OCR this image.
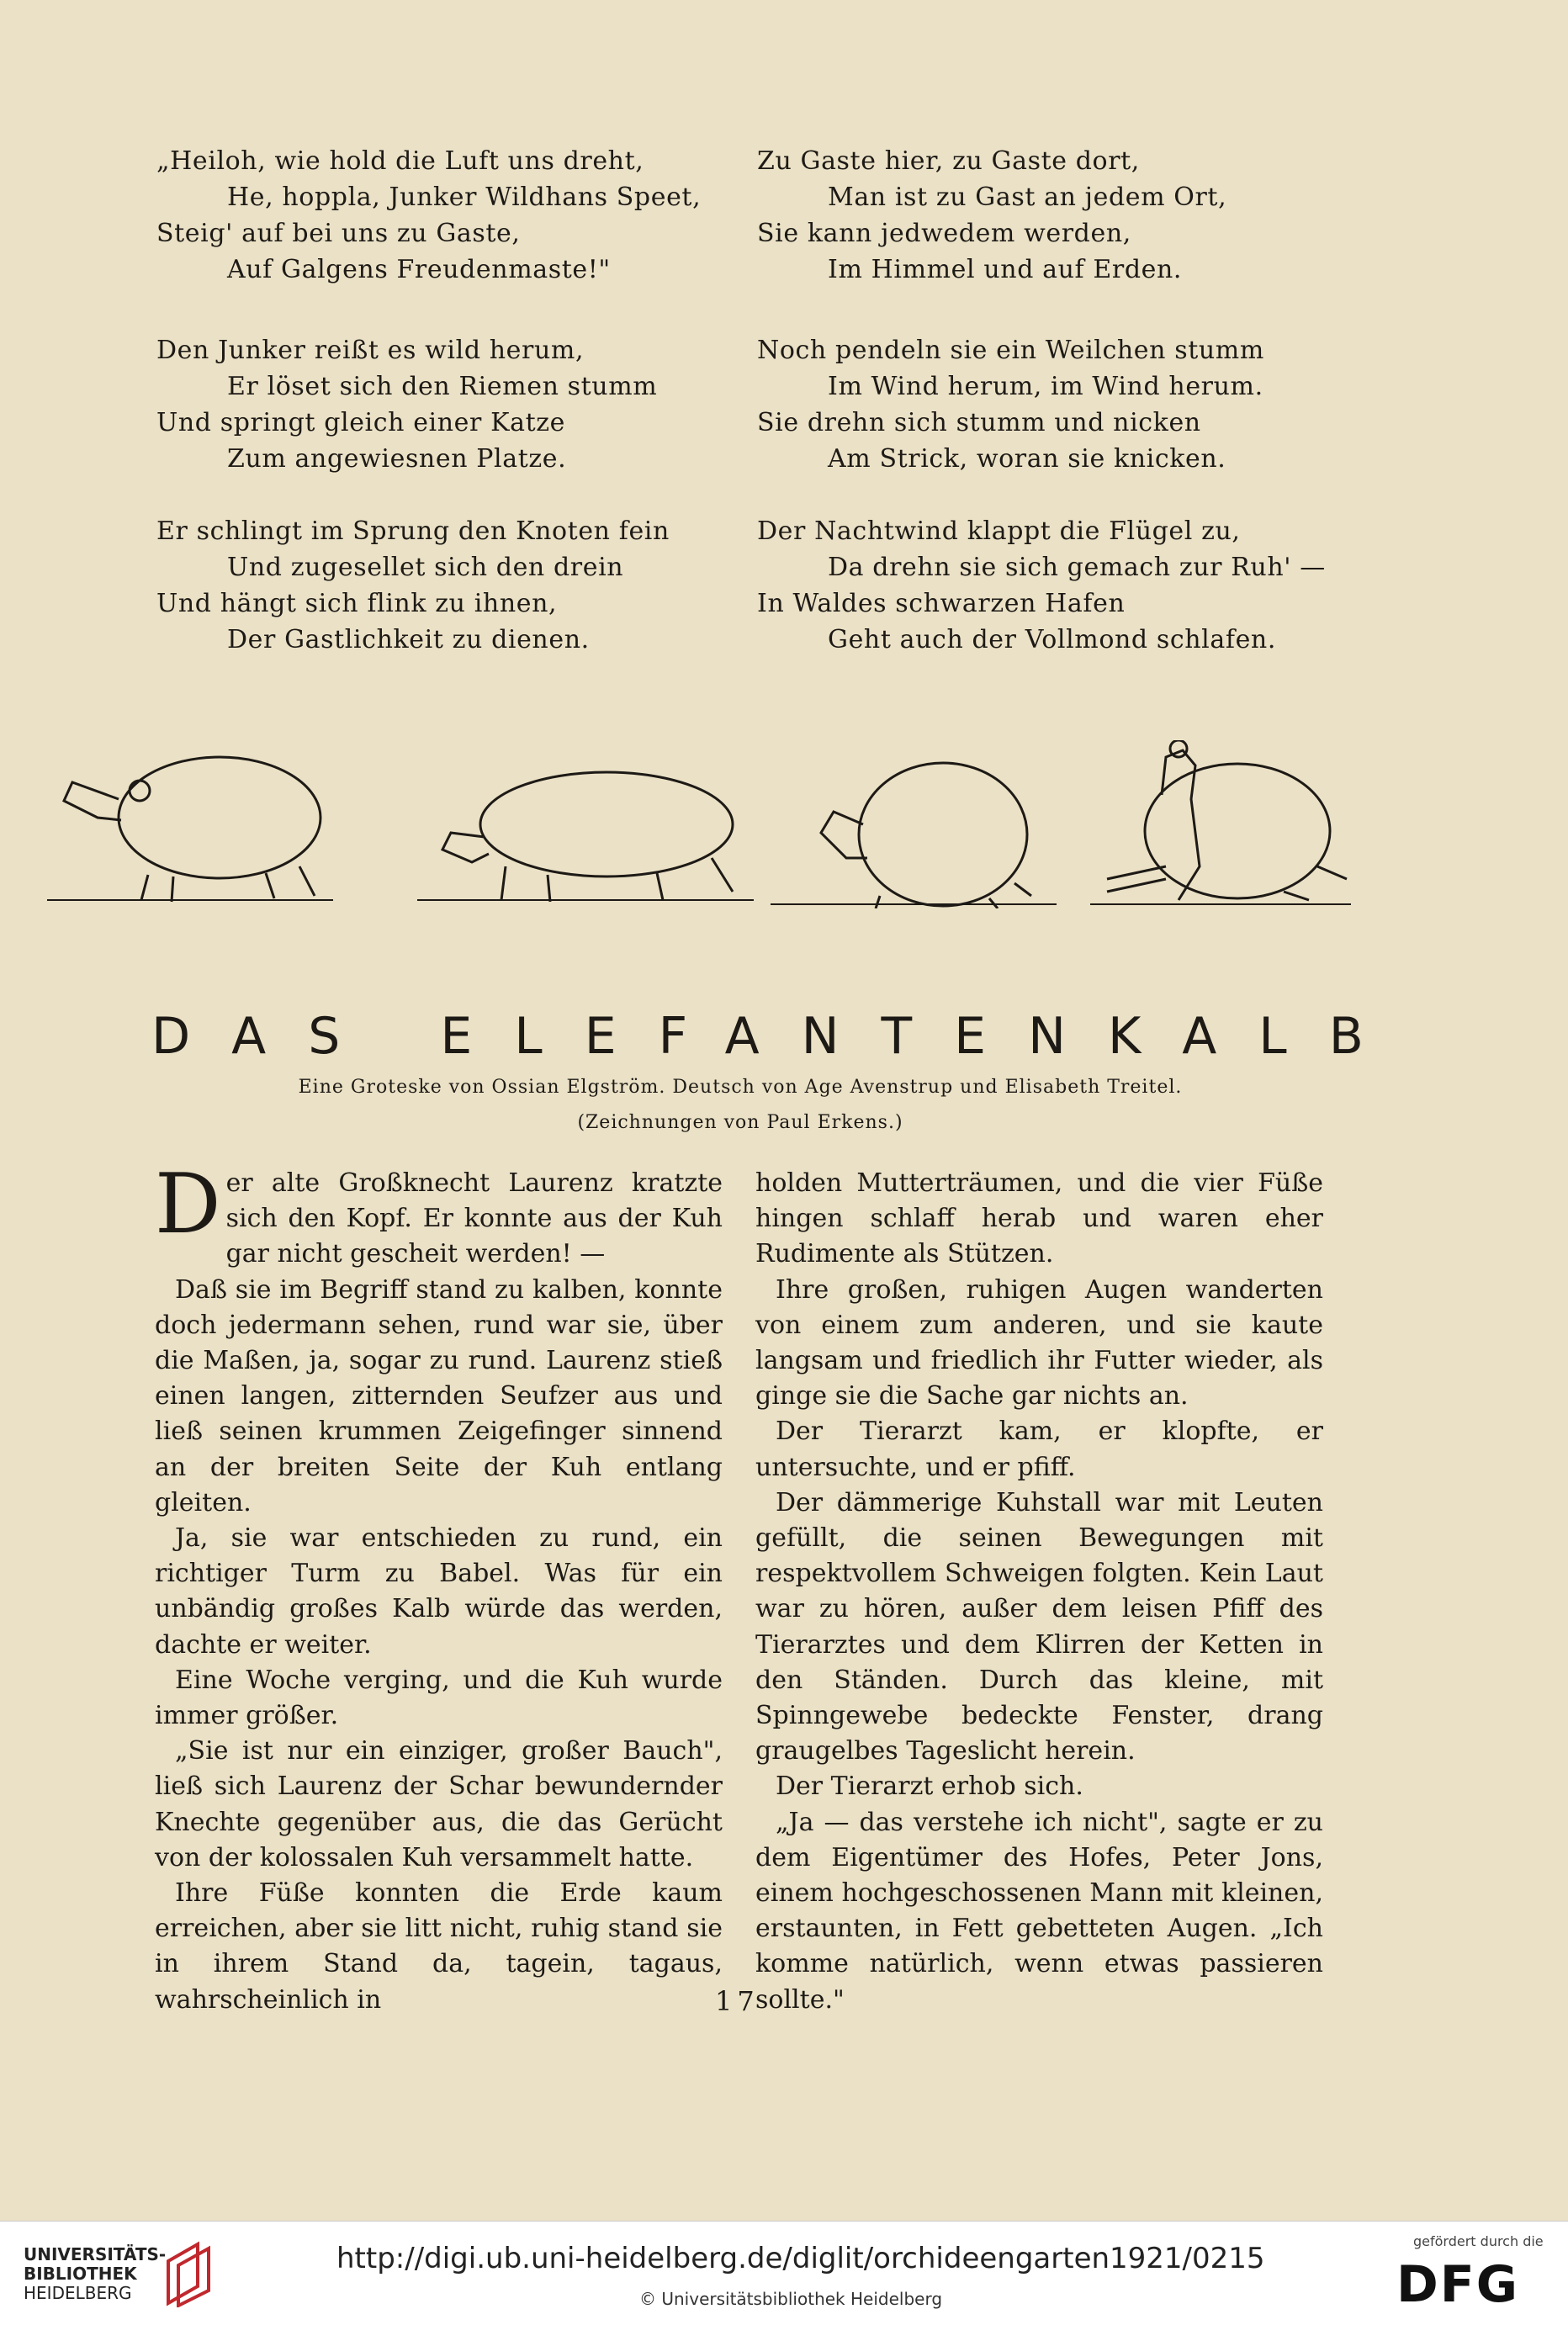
„Heiloh, wie hold die Luft uns dreht,
He, hoppla, Junker Wildhans Speet,
Steig' auf bei uns zu Gaste,
Auf Galgens Freudenmaste!"
Den Junker reißt es wild herum,
Er löset sich den Riemen stumm
Und springt gleich einer Katze
Zum angewiesnen Platze.
Er schlingt im Sprung den Knoten fein
Und zugesellet sich den drein
Und hängt sich flink zu ihnen,
Der Gastlichkeit zu dienen.
Zu Gaste hier, zu Gaste dort,
Man ist zu Gast an jedem Ort,
Sie kann jedwedem werden,
Im Himmel und auf Erden.
Noch pendeln sie ein Weilchen stumm
Im Wind herum, im Wind herum.
Sie drehn sich stumm und nicken
Am Strick, woran sie knicken.
Der Nachtwind klappt die Flügel zu,
Da drehn sie sich gemach zur Ruh' —
In Waldes schwarzen Hafen
Geht auch der Vollmond schlafen.
DAS ELEFANTENKALB
Eine Groteske von Ossian Elgström. Deutsch von Age Avenstrup und Elisabeth Treitel.
(Zeichnungen von Paul Erkens.)

Der alte Großknecht Laurenz kratzte sich den Kopf. Er konnte aus der Kuh gar nicht gescheit werden! —

Daß sie im Begriff stand zu kalben, konnte doch jedermann sehen, rund war sie, über die Maßen, ja, sogar zu rund. Laurenz stieß einen langen, zitternden Seufzer aus und ließ seinen krummen Zeigefinger sinnend an der breiten Seite der Kuh entlang gleiten.

Ja, sie war entschieden zu rund, ein richtiger Turm zu Babel. Was für ein unbändig großes Kalb würde das werden, dachte er weiter.

Eine Woche verging, und die Kuh wurde immer größer.

„Sie ist nur ein einziger, großer Bauch", ließ sich Laurenz der Schar bewundernder Knechte gegenüber aus, die das Gerücht von der kolossalen Kuh versammelt hatte.

Ihre Füße konnten die Erde kaum erreichen, aber sie litt nicht, ruhig stand sie in ihrem Stand da, tagein, tagaus, wahrscheinlich in

holden Mutterträumen, und die vier Füße hingen schlaff herab und waren eher Rudimente als Stützen.

Ihre großen, ruhigen Augen wanderten von einem zum anderen, und sie kaute langsam und friedlich ihr Futter wieder, als ginge sie die Sache gar nichts an.

Der Tierarzt kam, er klopfte, er untersuchte, und er pfiff.

Der dämmerige Kuhstall war mit Leuten gefüllt, die seinen Bewegungen mit respektvollem Schweigen folgten. Kein Laut war zu hören, außer dem leisen Pfiff des Tierarztes und dem Klirren der Ketten in den Ständen. Durch das kleine, mit Spinngewebe bedeckte Fenster, drang graugelbes Tageslicht herein.

Der Tierarzt erhob sich.

„Ja — das verstehe ich nicht", sagte er zu dem Eigentümer des Hofes, Peter Jons, einem hochgeschossenen Mann mit kleinen, erstaunten, in Fett gebetteten Augen. „Ich komme natürlich, wenn etwas passieren sollte."

17
UNIVERSITÄTS-
BIBLIOTHEK
HEIDELBERG
http://digi.ub.uni-heidelberg.de/diglit/orchideengarten1921/0215
© Universitätsbibliothek Heidelberg
gefördert durch die
DFG
